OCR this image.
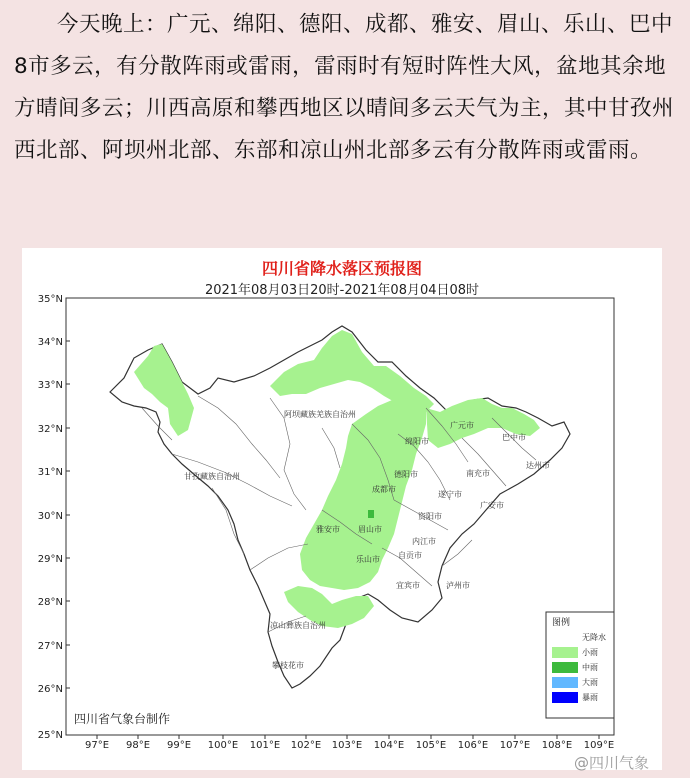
今天晚上：广元、绵阳、德阳、成都、雅安、眉山、乐山、巴中8市多云，有分散阵雨或雷雨，雷雨时有短时阵性大风，盆地其余地方晴间多云；川西高原和攀西地区以晴间多云天气为主，其中甘孜州西北部、阿坝州北部、东部和凉山州北部多云有分散阵雨或雷雨。

四川省降水落区预报图
2021年08月03日20时-2021年08月04日08时
97°E 98°E 99°E 100°E 101°E 102°E 103°E 104°E 105°E 106°E 107°E 108°E 109°E
35°N
34°N
33°N
32°N
31°N
30°N
29°N
28°N
27°N
26°N
25°N
阿坝藏族羌族自治州
甘孜藏族自治州
凉山彝族自治州
广元市
巴中市
绵阳市
南充市
达州市
德阳市
成都市
遂宁市
广安市
资阳市
雅安市 眉山市
内江市
自贡市
乐山市
宜宾市	泸州市
攀枝花市
图例
无降水
小雨
中雨
大雨
暴雨
四川省气象台制作
@四川气象
